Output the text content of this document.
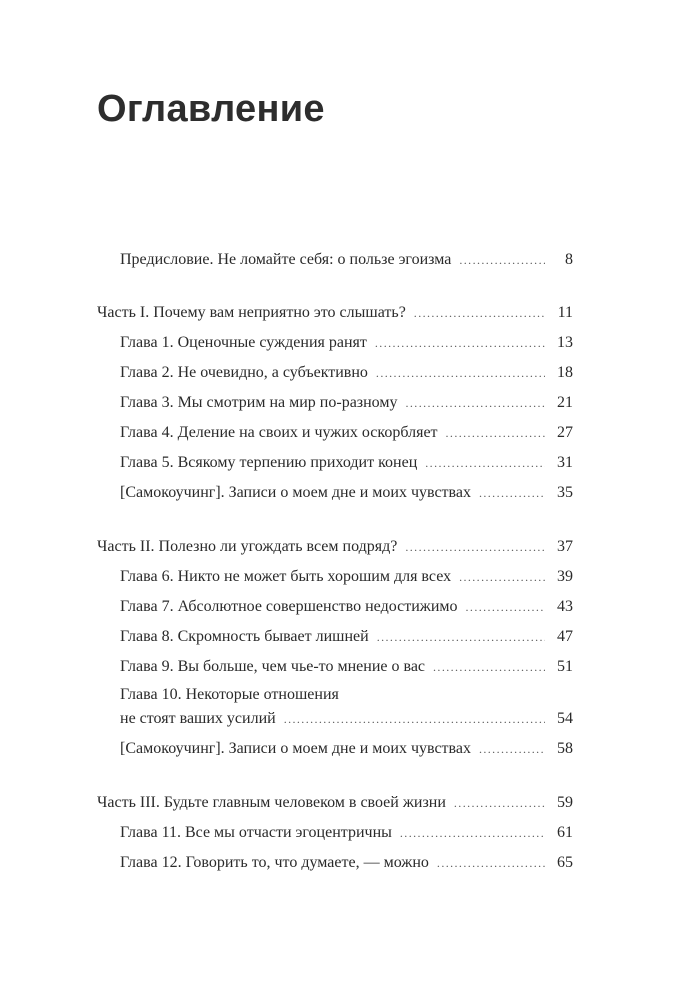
Оглавление
Предисловие. Не ломайте себя: о пользе эгоизма .....	8
Часть I. Почему вам неприятно это слышать? .....	11
Глава 1. Оценочные суждения ранят .....	13
Глава 2. Не очевидно, а субъективно .....	18
Глава 3. Мы смотрим на мир по-разному .....	21
Глава 4. Деление на своих и чужих оскорбляет .....	27
Глава 5. Всякому терпению приходит конец .....	31
[Самокоучинг]. Записи о моем дне и моих чувствах .....	35
Часть II. Полезно ли угождать всем подряд? .....	37
Глава 6. Никто не может быть хорошим для всех .....	39
Глава 7. Абсолютное совершенство недостижимо .....	43
Глава 8. Скромность бывает лишней .....	47
Глава 9. Вы больше, чем чье-то мнение о вас .....	51
Глава 10. Некоторые отношения
не стоят ваших усилий .....	54
[Самокоучинг]. Записи о моем дне и моих чувствах .....	58
Часть III. Будьте главным человеком в своей жизни .....	59
Глава 11. Все мы отчасти эгоцентричны .....	61
Глава 12. Говорить то, что думаете, — можно .....	65
